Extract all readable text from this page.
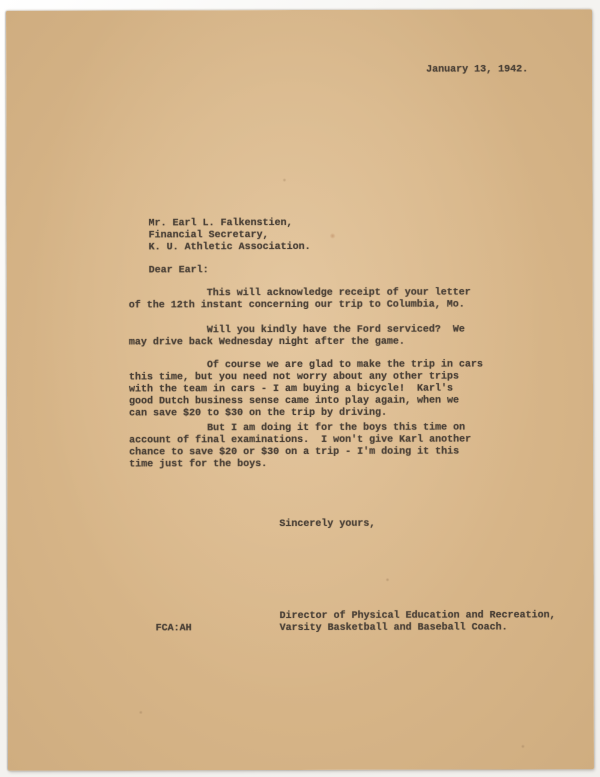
January 13, 1942.
Mr. Earl L. Falkenstien,
Financial Secretary,
K. U. Athletic Association.
Dear Earl:
This will acknowledge receipt of your letter
of the 12th instant concerning our trip to Columbia, Mo.
Will you kindly have the Ford serviced?  We
may drive back Wednesday night after the game.
Of course we are glad to make the trip in cars
this time, but you need not worry about any other trips
with the team in cars - I am buying a bicycle!  Karl's
good Dutch business sense came into play again, when we
can save $20 to $30 on the trip by driving.
But I am doing it for the boys this time on
account of final examinations.  I won't give Karl another
chance to save $20 or $30 on a trip - I'm doing it this
time just for the boys.
Sincerely yours,
Director of Physical Education and Recreation,
Varsity Basketball and Baseball Coach.
FCA:AH
